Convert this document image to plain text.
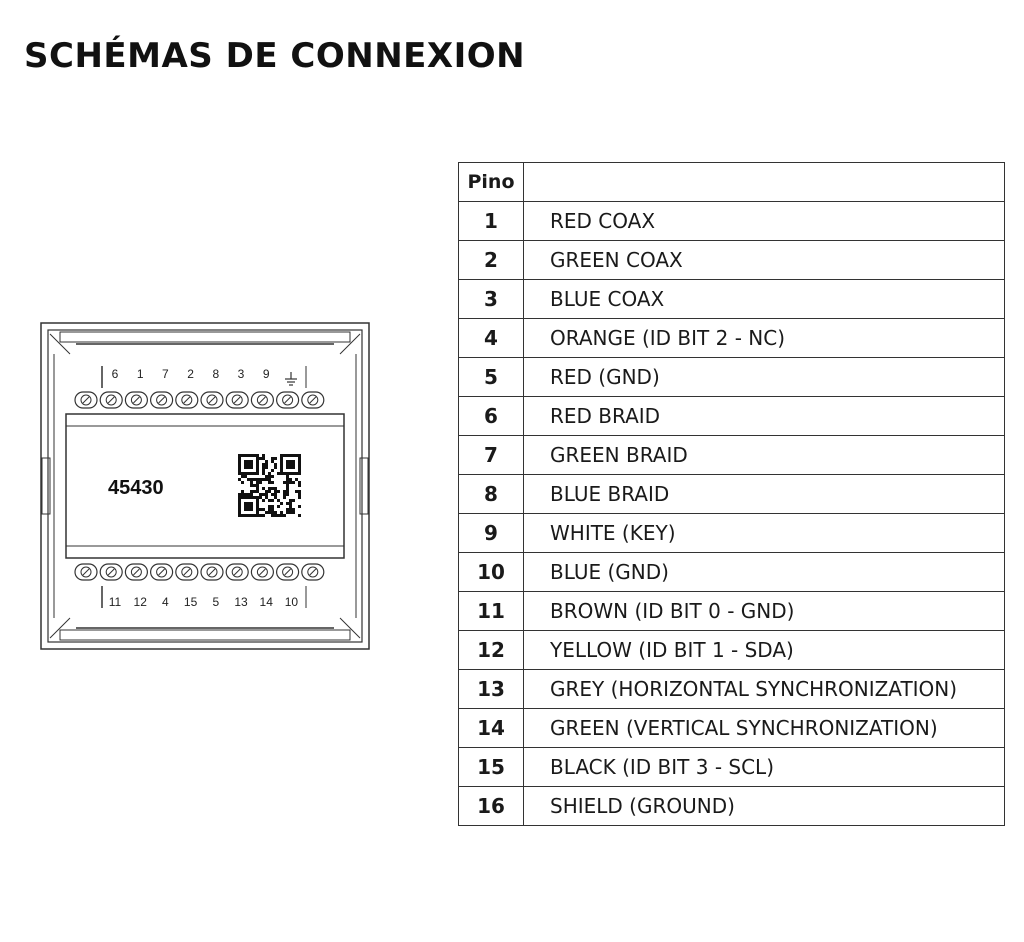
SCHÉMAS DE CONNEXION
6 1 7 2 8 3 9
11 12 4 15 5 13 14 10
45430
Pino	
1	RED COAX
2	GREEN COAX
3	BLUE COAX
4	ORANGE (ID BIT 2 - NC)
5	RED (GND)
6	RED BRAID
7	GREEN BRAID
8	BLUE BRAID
9	WHITE (KEY)
10	BLUE (GND)
11	BROWN (ID BIT 0 - GND)
12	YELLOW (ID BIT 1 - SDA)
13	GREY (HORIZONTAL SYNCHRONIZATION)
14	GREEN (VERTICAL SYNCHRONIZATION)
15	BLACK (ID BIT 3 - SCL)
16	SHIELD (GROUND)
